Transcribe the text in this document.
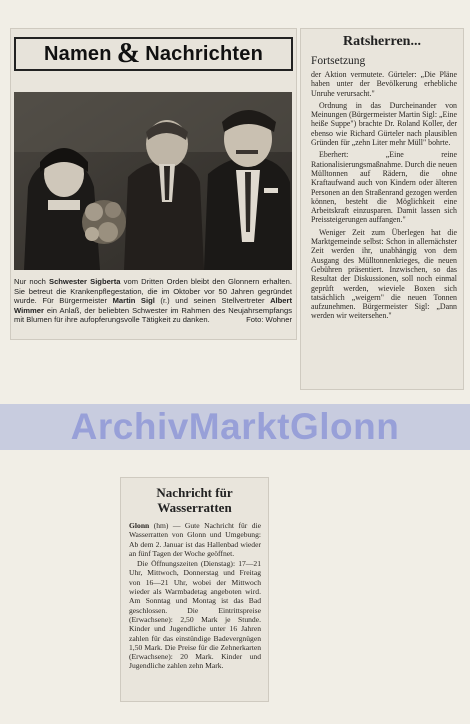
Namen & Nachrichten
Nur noch Schwester Sigberta vom Dritten Orden bleibt den Glonnern erhalten. Sie betreut die Krankenpflegestation, die im Oktober vor 50 Jahren gegründet wurde. Für Bürgermeister Martin Sigl (r.) und seinen Stellvertreter Albert Wimmer ein Anlaß, der beliebten Schwester im Rahmen des Neujahrsempfangs mit Blumen für ihre aufopferungsvolle Tätigkeit zu danken.	Foto: Wohner
Ratsherren...
Fortsetzung

der Aktion vermutete. Gürteler: „Die Pläne haben unter der Bevölkerung erhebliche Unruhe verursacht."

Ordnung in das Durcheinander von Meinungen (Bürgermeister Martin Sigl: „Eine heiße Suppe") brachte Dr. Roland Koller, der ebenso wie Richard Gürteler nach plausiblen Gründen für „zehn Liter mehr Müll" bohrte.

Eberhert: „Eine reine Rationalisierungsmaßnahme. Durch die neuen Mülltonnen auf Rädern, die ohne Kraftaufwand auch von Kindern oder älteren Personen an den Straßenrand gezogen werden können, besteht die Möglichkeit eine Arbeitskraft einzusparen. Damit lassen sich Preissteigerungen auffangen."

Weniger Zeit zum Überlegen hat die Marktgemeinde selbst: Schon in allernächster Zeit werden ihr, unabhängig von dem Ausgang des Mülltonnenkrieges, die neuen Gebühren präsentiert. Inzwischen, so das Resultat der Diskussionen, soll noch einmal geprüft werden, wieviele Boxen sich tatsächlich „weigern" die neuen Tonnen aufzunehmen. Bürgermeister Sigl: „Dann werden wir weitersehen."

ArchivMarktGlonn
Nachricht für
Wasserratten

Glonn (hm) — Gute Nachricht für die Wasserratten von Glonn und Umgebung: Ab dem 2. Januar ist das Hallenbad wieder an fünf Tagen der Woche geöffnet.

Die Öffnungszeiten (Dienstag): 17—21 Uhr, Mittwoch, Donnerstag und Freitag von 16—21 Uhr, wobei der Mittwoch wieder als Warmbadetag angeboten wird. Am Sonntag und Montag ist das Bad geschlossen. Die Eintrittspreise (Erwachsene): 2,50 Mark je Stunde. Kinder und Jugendliche unter 16 Jahren zahlen für das einstündige Badevergnügen 1,50 Mark. Die Preise für die Zehnerkarten (Erwachsene): 20 Mark. Kinder und Jugendliche zahlen zehn Mark.
